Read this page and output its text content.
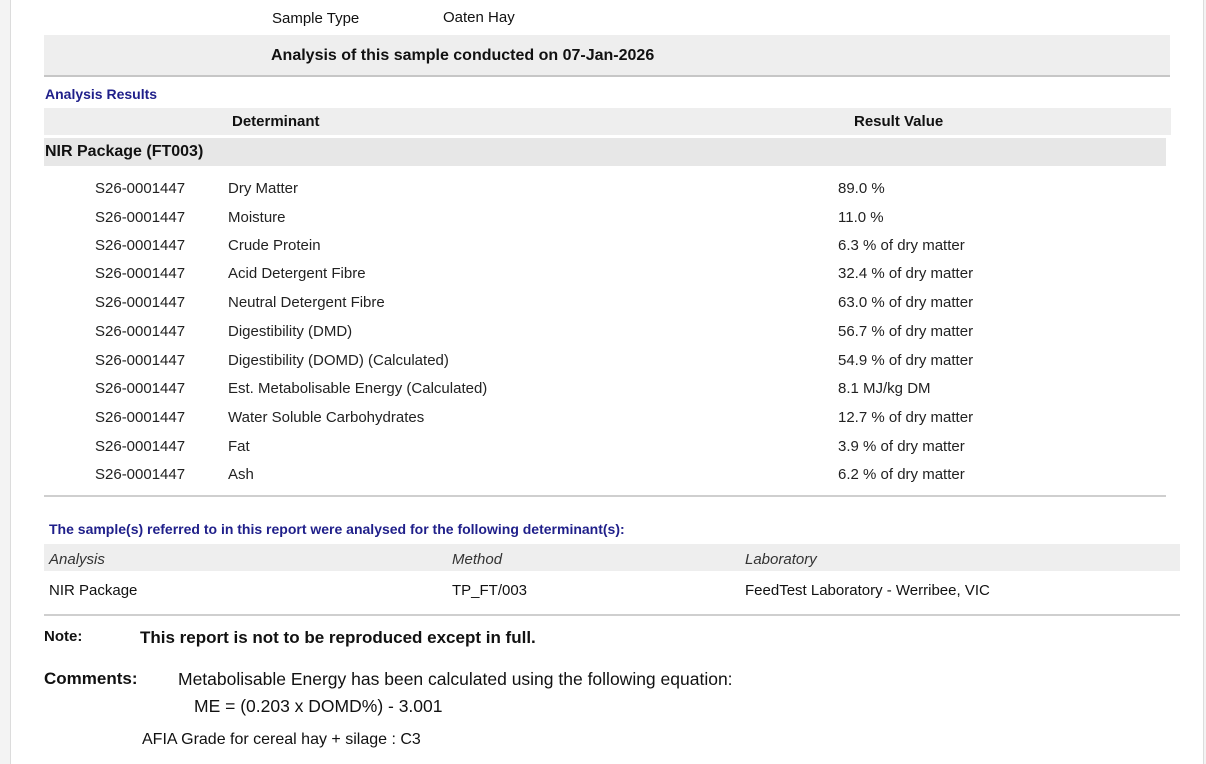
Sample Type	Oaten Hay
Analysis of this sample conducted on 07-Jan-2026
Analysis Results
Determinant	Result Value
NIR Package (FT003)
S26-0001447	Dry Matter	89.0 %
S26-0001447	Moisture	11.0 %
S26-0001447	Crude Protein	6.3 % of dry matter
S26-0001447	Acid Detergent Fibre	32.4 % of dry matter
S26-0001447	Neutral Detergent Fibre	63.0 % of dry matter
S26-0001447	Digestibility (DMD)	56.7 % of dry matter
S26-0001447	Digestibility (DOMD) (Calculated)	54.9 % of dry matter
S26-0001447	Est. Metabolisable Energy (Calculated)	8.1 MJ/kg DM
S26-0001447	Water Soluble Carbohydrates	12.7 % of dry matter
S26-0001447	Fat	3.9 % of dry matter
S26-0001447	Ash	6.2 % of dry matter
The sample(s) referred to in this report were analysed for the following determinant(s):
Analysis	Method	Laboratory
NIR Package	TP_FT/003	FeedTest Laboratory - Werribee, VIC
Note:	This report is not to be reproduced except in full.
Comments: Metabolisable Energy has been calculated using the following equation:
ME = (0.203 x DOMD%) - 3.001
AFIA Grade for cereal hay + silage : C3
